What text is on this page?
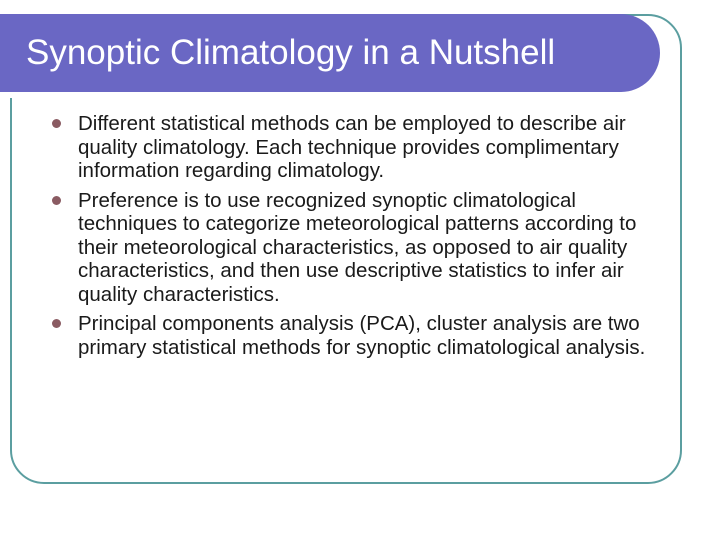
Synoptic Climatology in a Nutshell
Different statistical methods can be employed to describe air quality climatology. Each technique provides complimentary information regarding climatology.
Preference is to use recognized synoptic climatological techniques to categorize meteorological patterns according to their meteorological characteristics, as opposed to air quality characteristics, and then use descriptive statistics to infer air quality characteristics.
Principal components analysis (PCA), cluster analysis are two primary statistical methods for synoptic climatological analysis.
